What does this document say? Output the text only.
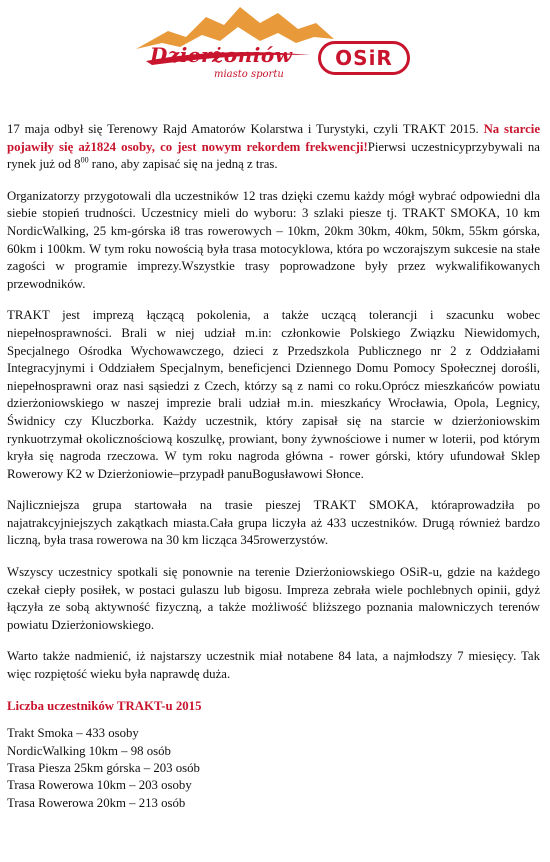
Dzierżoniów
miasto sportu
OSiR

17 maja odbył się Terenowy Rajd Amatorów Kolarstwa i Turystyki, czyli TRAKT 2015. Na starcie pojawiły się aż1824 osoby, co jest nowym rekordem frekwencji!Pierwsi uczestnicyprzybywali na rynek już od $8^{00}$ rano, aby zapisać się na jedną z tras.

Organizatorzy przygotowali dla uczestników 12 tras dzięki czemu każdy mógł wybrać odpowiedni dla siebie stopień trudności. Uczestnicy mieli do wyboru: 3 szlaki piesze tj. TRAKT SMOKA, 10 km NordicWalking, 25 km-górska i8 tras rowerowych – 10km, 20km 30km, 40km, 50km, 55km górska, 60km i 100km. W tym roku nowością była trasa motocyklowa, która po wczorajszym sukcesie na stałe zagości w programie imprezy.Wszystkie trasy poprowadzone były przez wykwalifikowanych przewodników.

TRAKT jest imprezą łączącą pokolenia, a także uczącą tolerancji i szacunku wobec niepełnosprawności. Brali w niej udział m.in: członkowie Polskiego Związku Niewidomych, Specjalnego Ośrodka Wychowawczego, dzieci z Przedszkola Publicznego nr 2 z Oddziałami Integracyjnymi i Oddziałem Specjalnym, beneficjenci Dziennego Domu Pomocy Społecznej dorośli, niepełnosprawni oraz nasi sąsiedzi z Czech, którzy są z nami co roku.Oprócz mieszkańców powiatu dzierżoniowskiego w naszej imprezie brali udział m.in. mieszkańcy Wrocławia, Opola, Legnicy, Świdnicy czy Kluczborka. Każdy uczestnik, który zapisał się na starcie w dzierżoniowskim rynkuotrzymał okolicznościową koszulkę, prowiant, bony żywnościowe i numer w loterii, pod którym kryła się nagroda rzeczowa. W tym roku nagroda główna - rower górski, który ufundował Sklep Rowerowy K2 w Dzierżoniowie–przypadł panuBogusławowi Słonce.

Najliczniejsza grupa startowała na trasie pieszej TRAKT SMOKA, któraprowadziła po najatrakcyjniejszych zakątkach miasta.Cała grupa liczyła aż 433 uczestników. Drugą również bardzo liczną, była trasa rowerowa na 30 km licząca 345rowerzystów.

Wszyscy uczestnicy spotkali się ponownie na terenie Dzierżoniowskiego OSiR-u, gdzie na każdego czekał ciepły posiłek, w postaci gulaszu lub bigosu. Impreza zebrała wiele pochlebnych opinii, gdyż łączyła ze sobą aktywność fizyczną, a także możliwość bliższego poznania malowniczych terenów powiatu Dzierżoniowskiego.

Warto także nadmienić, iż najstarszy uczestnik miał notabene 84 lata, a najmłodszy 7 miesięcy. Tak więc rozpiętość wieku była naprawdę duża.

Liczba uczestników TRAKT-u 2015
Trakt Smoka – 433 osoby
NordicWalking 10km – 98 osób
Trasa Piesza 25km górska – 203 osób
Trasa Rowerowa 10km – 203 osoby
Trasa Rowerowa 20km – 213 osób
